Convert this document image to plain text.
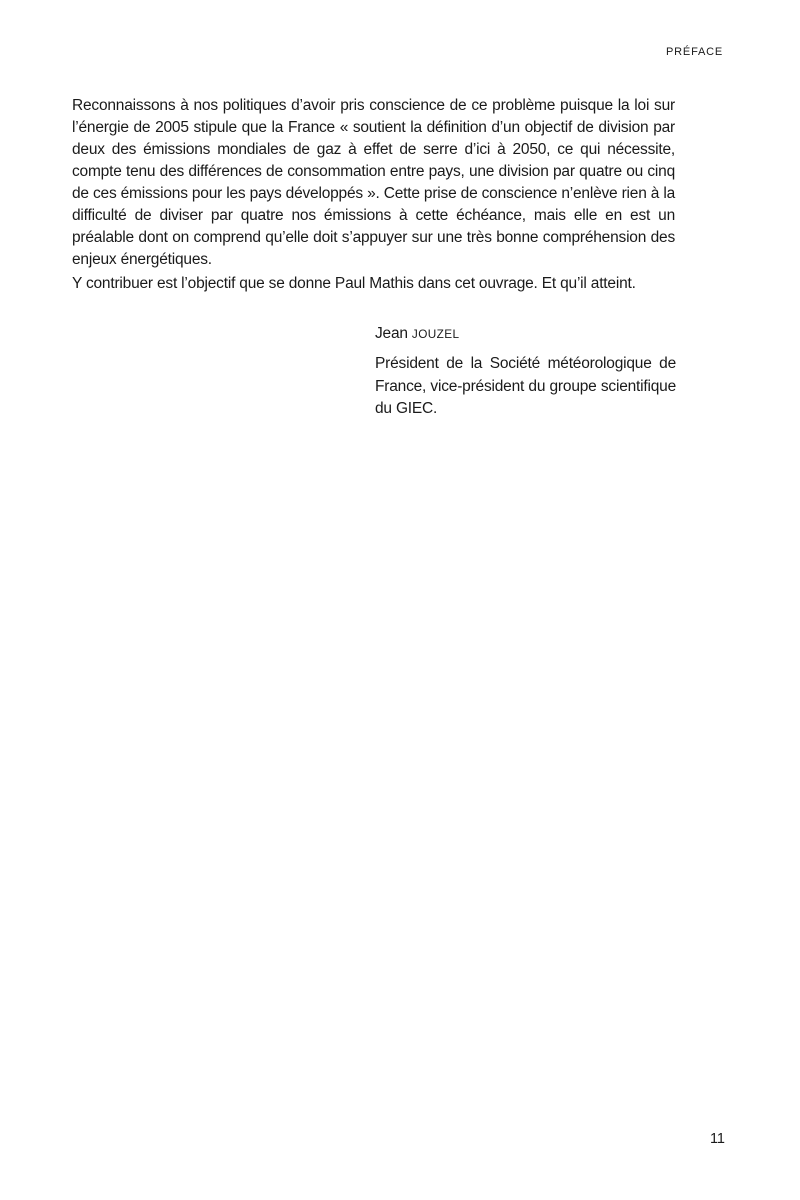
PRÉFACE

Reconnaissons à nos politiques d’avoir pris conscience de ce problème puisque la loi sur l’énergie de 2005 stipule que la France « soutient la définition d’un objectif de division par deux des émissions mondiales de gaz à effet de serre d’ici à 2050, ce qui nécessite, compte tenu des différences de consommation entre pays, une division par quatre ou cinq de ces émissions pour les pays développés ». Cette prise de conscience n’enlève rien à la difficulté de diviser par quatre nos émissions à cette échéance, mais elle en est un préalable dont on comprend qu’elle doit s’appuyer sur une très bonne compréhension des enjeux énergétiques.

Y contribuer est l’objectif que se donne Paul Mathis dans cet ouvrage. Et qu’il atteint.

Jean JOUZEL

Président de la Société météorologique de France, vice-président du groupe scientifique du GIEC.

11
